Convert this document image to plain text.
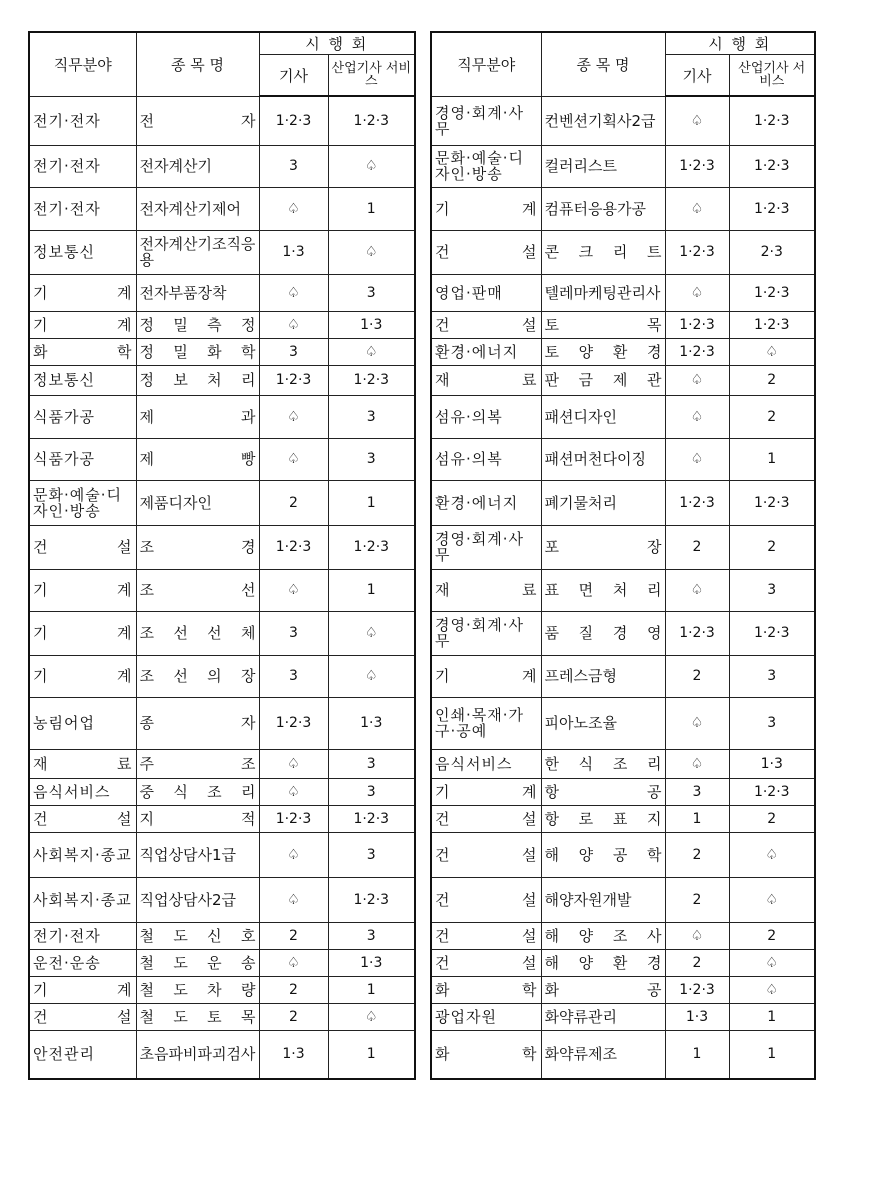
직무분야	종 목 명	시 행 회	
		기사	산업기사 서비스
전기·전자	전 자	1·2·3	1·2·3
전기·전자	전자계산기	3	♤
전기·전자	전자계산기제어	♤	1
정보통신	전자계산기조직응용	1·3	♤
기 계	전자부품장착	♤	3
기 계	정 밀 측 정	♤	1·3
화 학	정 밀 화 학	3	♤
정보통신	정 보 처 리	1·2·3	1·2·3
식품가공	제 과	♤	3
식품가공	제 빵	♤	3
문화·예술·디자인·방송	제품디자인	2	1
건 설	조 경	1·2·3	1·2·3
기 계	조 선	♤	1
기 계	조 선 선 체	3	♤
기 계	조 선 의 장	3	♤
농림어업	종 자	1·2·3	1·3
재 료	주 조	♤	3
음식서비스	중 식 조 리	♤	3
건 설	지 적	1·2·3	1·2·3
사회복지·종교	직업상담사1급	♤	3
사회복지·종교	직업상담사2급	♤	1·2·3
전기·전자	철 도 신 호	2	3
운전·운송	철 도 운 송	♤	1·3
기 계	철 도 차 량	2	1
건 설	철 도 토 목	2	♤
안전관리	초음파비파괴검사	1·3	1
직무분야	종 목 명	시 행 회	
		기사	산업기사 서비스
경영·회계·사무	컨벤션기획사2급	♤	1·2·3
문화·예술·디자인·방송	컬러리스트	1·2·3	1·2·3
기 계	컴퓨터응용가공	♤	1·2·3
건 설	콘 크 리 트	1·2·3	2·3
영업·판매	텔레마케팅관리사	♤	1·2·3
건 설	토 목	1·2·3	1·2·3
환경·에너지	토 양 환 경	1·2·3	♤
재 료	판 금 제 관	♤	2
섬유·의복	패션디자인	♤	2
섬유·의복	패션머천다이징	♤	1
환경·에너지	폐기물처리	1·2·3	1·2·3
경영·회계·사무	포 장	2	2
재 료	표 면 처 리	♤	3
경영·회계·사무	품 질 경 영	1·2·3	1·2·3
기 계	프레스금형	2	3
인쇄·목재·가구·공예	피아노조율	♤	3
음식서비스	한 식 조 리	♤	1·3
기 계	항 공	3	1·2·3
건 설	항 로 표 지	1	2
건 설	해 양 공 학	2	♤
건 설	해양자원개발	2	♤
건 설	해 양 조 사	♤	2
건 설	해 양 환 경	2	♤
화 학	화 공	1·2·3	♤
광업자원	화약류관리	1·3	1
화 학	화약류제조	1	1
